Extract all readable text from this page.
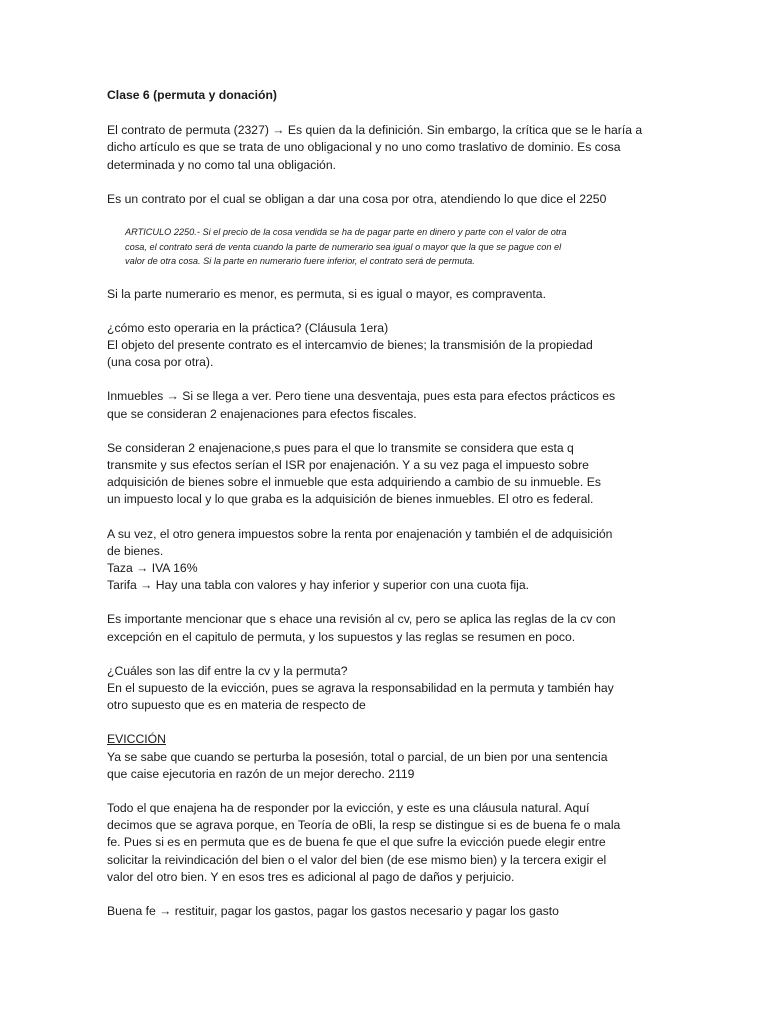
Clase 6 (permuta y donación)
El contrato de permuta (2327) → Es quien da la definición. Sin embargo, la crítica que se le haría a
dicho artículo es que se trata de uno obligacional y no uno como traslativo de dominio. Es cosa
determinada y no como tal una obligación.
Es un contrato por el cual se obligan a dar una cosa por otra, atendiendo lo que dice el 2250
ARTICULO 2250.- Si el precio de la cosa vendida se ha de pagar parte en dinero y parte con el valor de otra
cosa, el contrato será de venta cuando la parte de numerario sea igual o mayor que la que se pague con el
valor de otra cosa. Si la parte en numerario fuere inferior, el contrato será de permuta.
Si la parte numerario es menor, es permuta, si es igual o mayor, es compraventa.
¿cómo esto operaria en la práctica? (Cláusula 1era)
El objeto del presente contrato es el intercamvio de bienes; la transmisión de la propiedad
(una cosa por otra).
Inmuebles → Si se llega a ver. Pero tiene una desventaja, pues esta para efectos prácticos es
que se consideran 2 enajenaciones para efectos fiscales.
Se consideran 2 enajenacione,s pues para el que lo transmite se considera que esta q
transmite y sus efectos serían el ISR por enajenación. Y a su vez paga el impuesto sobre
adquisición de bienes sobre el inmueble que esta adquiriendo a cambio de su inmueble. Es
un impuesto local y lo que graba es la adquisición de bienes inmuebles. El otro es federal.
A su vez, el otro genera impuestos sobre la renta por enajenación y también el de adquisición
de bienes.
Taza → IVA 16%
Tarifa → Hay una tabla con valores y hay inferior y superior con una cuota fija.
Es importante mencionar que s ehace una revisión al cv, pero se aplica las reglas de la cv con
excepción en el capitulo de permuta, y los supuestos y las reglas se resumen en poco.
¿Cuáles son las dif entre la cv y la permuta?
En el supuesto de la evicción, pues se agrava la responsabilidad en la permuta y también hay
otro supuesto que es en materia de respecto de
EVICCIÓN
Ya se sabe que cuando se perturba la posesión, total o parcial, de un bien por una sentencia
que caise ejecutoria en razón de un mejor derecho. 2119
Todo el que enajena ha de responder por la evicción, y este es una cláusula natural. Aquí
decimos que se agrava porque, en Teoría de oBli, la resp se distingue si es de buena fe o mala
fe. Pues si es en permuta que es de buena fe que el que sufre la evicción puede elegir entre
solicitar la reivindicación del bien o el valor del bien (de ese mismo bien) y la tercera exigir el
valor del otro bien. Y en esos tres es adicional al pago de daños y perjuicio.
Buena fe → restituir, pagar los gastos, pagar los gastos necesario y pagar los gasto
